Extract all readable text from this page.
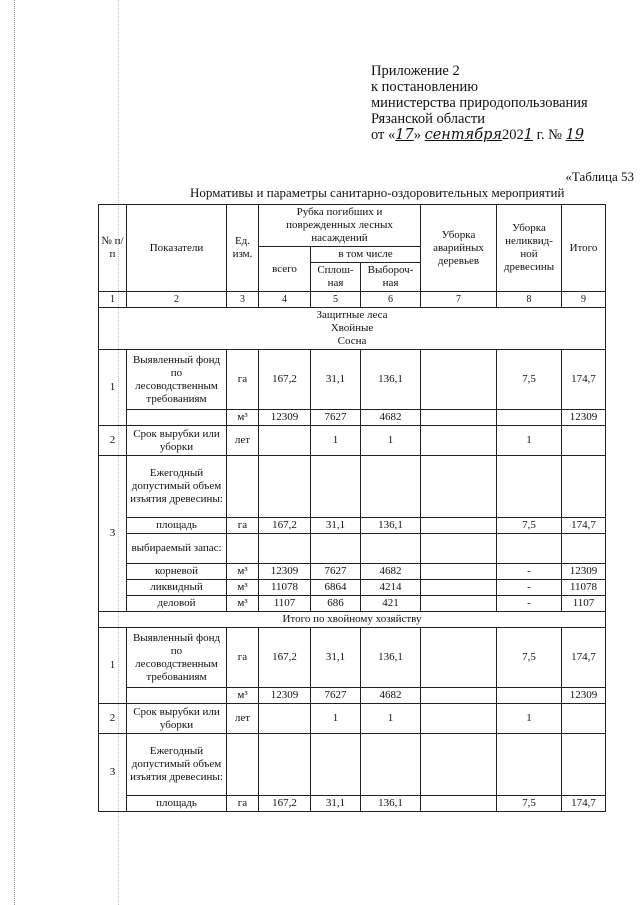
Приложение 2
к постановлению
министерства природопользования
Рязанской области
от «17» сентября2021 г. № 19
«Таблица 53
Нормативы и параметры санитарно-оздоровительных мероприятий
№ п/п	Показатели	Ед. изм.	Рубка погибших и поврежденных лесных насаждений			Уборка аварийных деревьев	Уборка неликвид-ной древесины	Итого
			всего	в том числе				
				Сплош-ная	Выбороч-ная			
1	2	3	4	5	6	7	8	9

Защитные леса
Хвойные
Сосна								

1	Выявленный фонд по лесоводственным требованиям	га	167,2	31,1	136,1		7,5	174,7
		м³	12309	7627	4682			12309
2	Срок вырубки или уборки	лет		1	1		1	
3	Ежегодный допустимый объем изъятия древесины:							
	площадь	га	167,2	31,1	136,1		7,5	174,7
	выбираемый запас:							
	корневой	м³	12309	7627	4682		-	12309
	ликвидный	м³	11078	6864	4214		-	11078
	деловой	м³	1107	686	421		-	1107
Итого по хвойному хозяйству								
1	Выявленный фонд по лесоводственным требованиям	га	167,2	31,1	136,1		7,5	174,7
		м³	12309	7627	4682			12309
2	Срок вырубки или уборки	лет		1	1		1	
3	Ежегодный допустимый объем изъятия древесины:							
	площадь	га	167,2	31,1	136,1		7,5	174,7
